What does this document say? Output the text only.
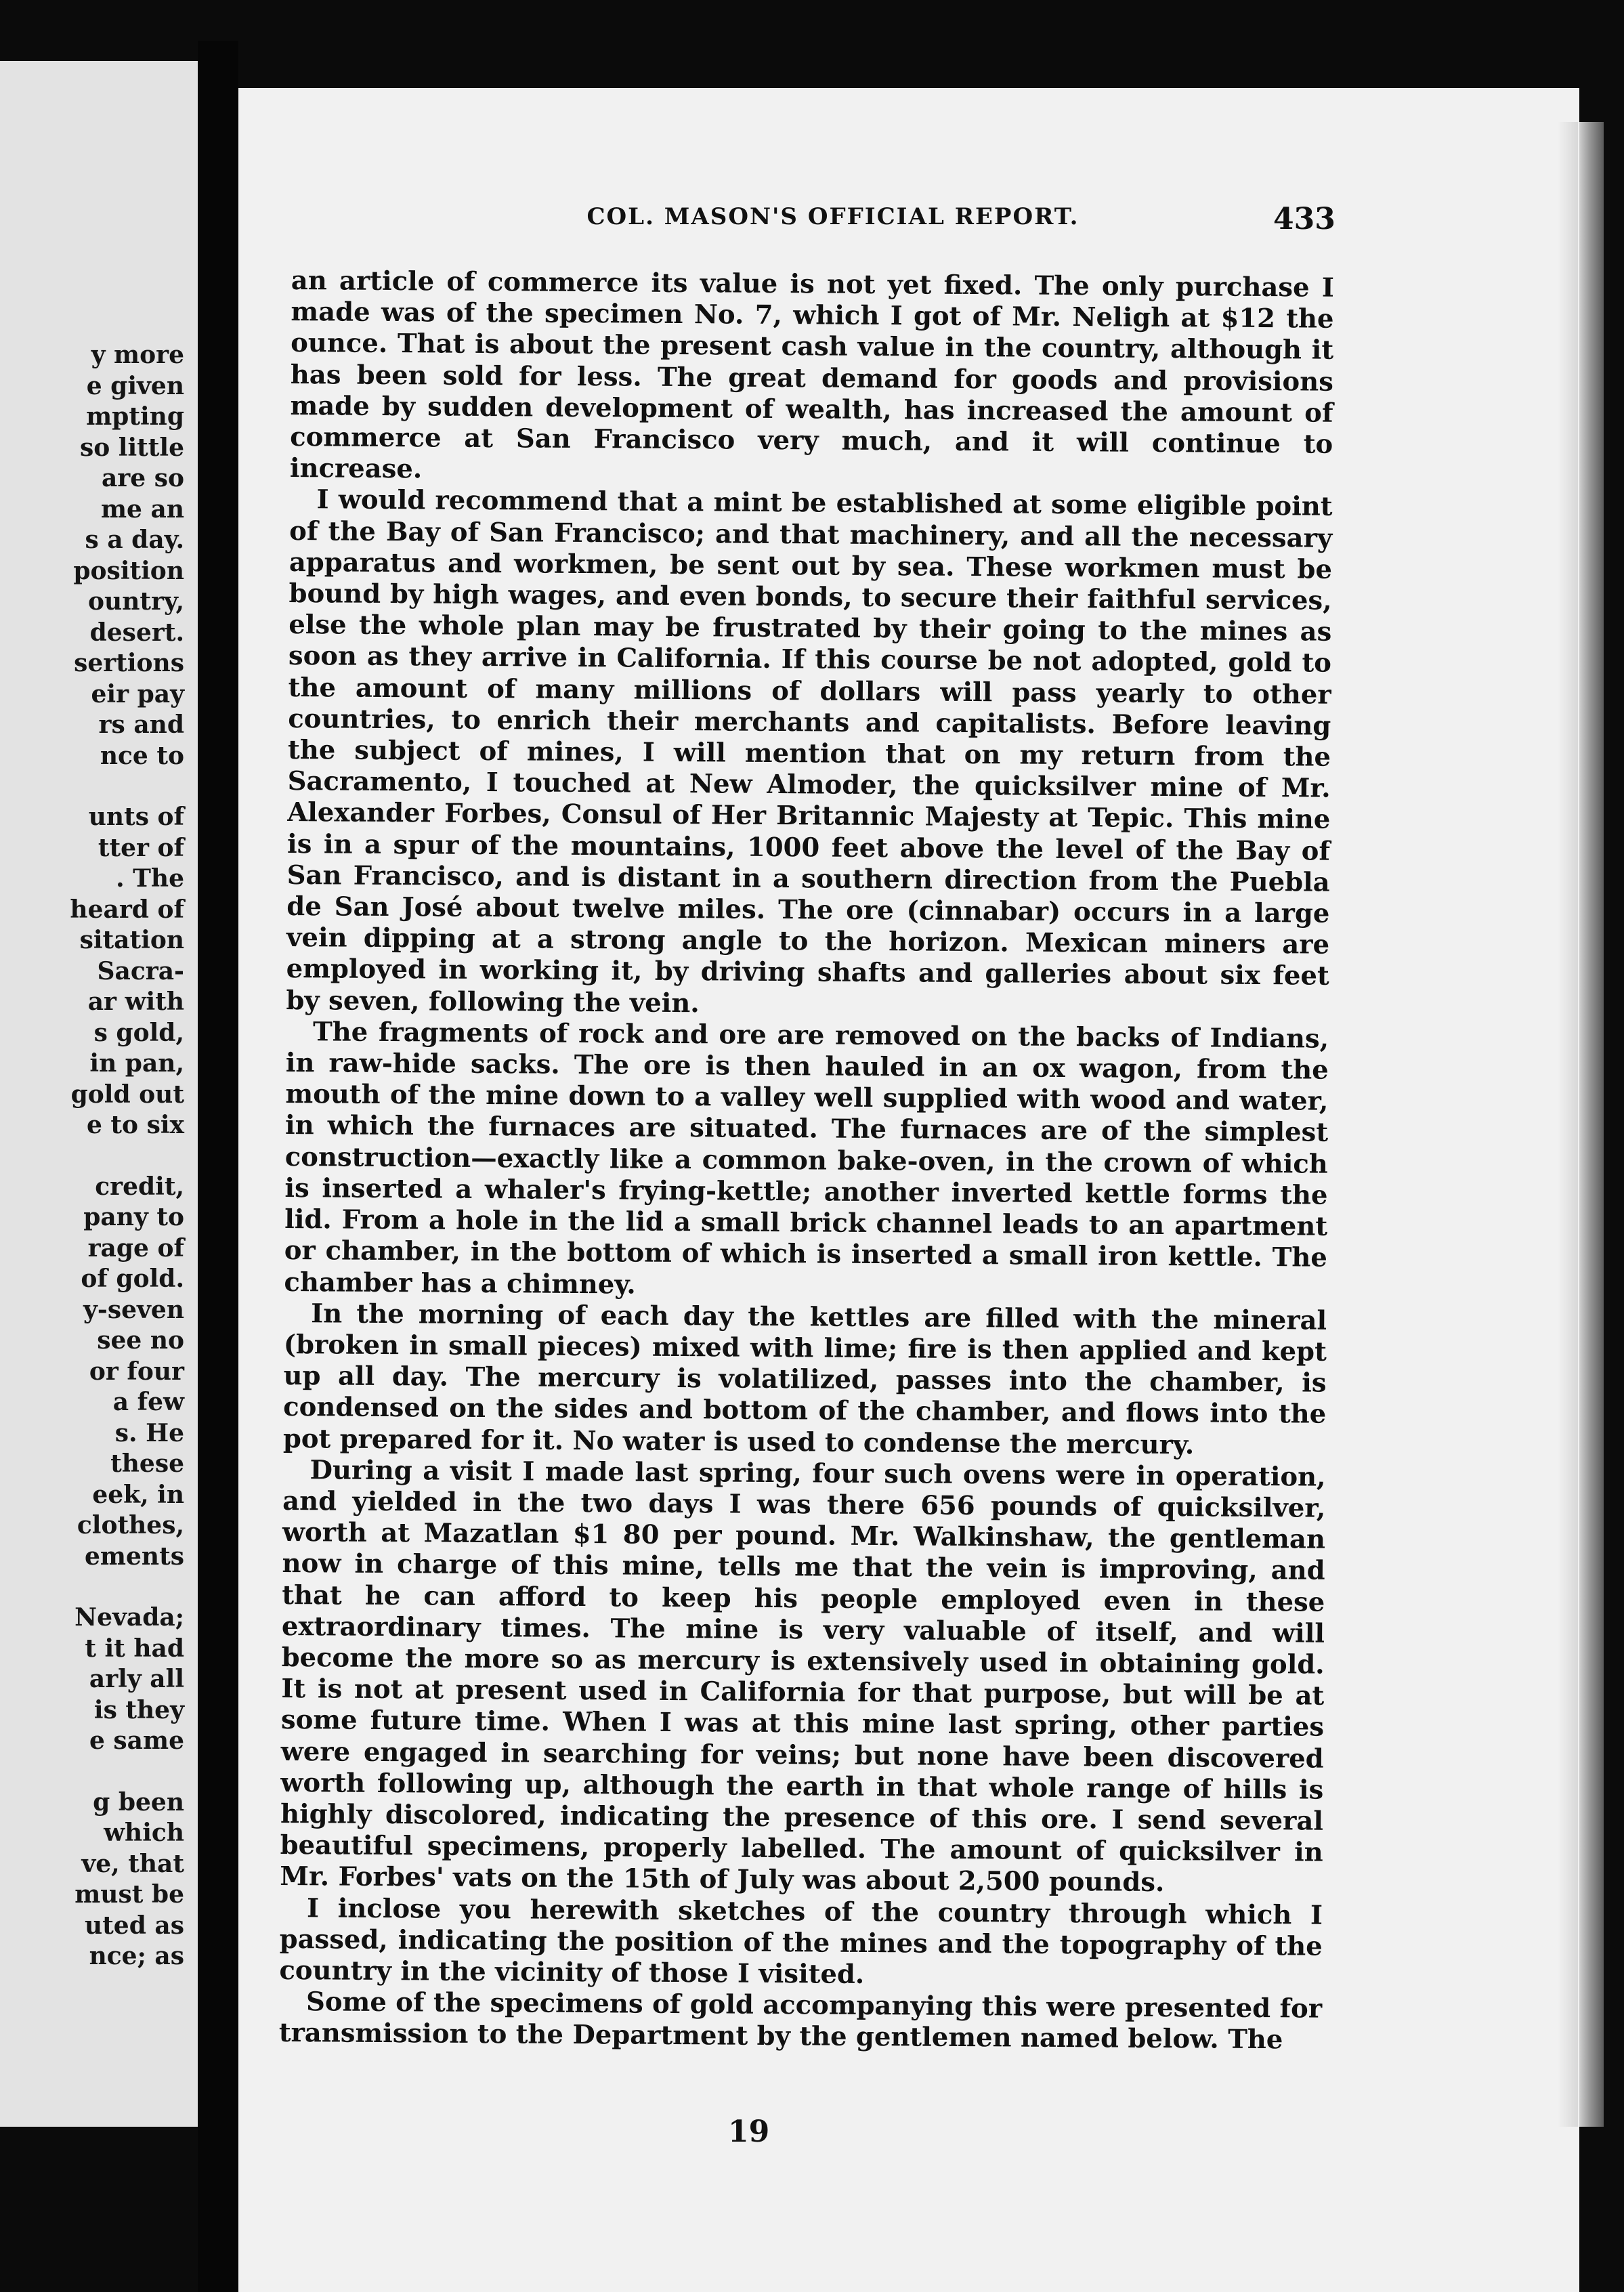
y more
e given
mpting
so little
are so
me an
s a day.
position
ountry,
desert.
sertions
eir pay
rs and
nce to
unts of
tter of
. The
heard of
sitation
Sacra-
ar with
s gold,
in pan,
gold out
e to six
credit,
pany to
rage of
of gold.
y-seven
see no
or four
a few
s. He
these
eek, in
clothes,
ements
Nevada;
t it had
arly all
is they
e same
g been
which
ve, that
must be
uted as
nce; as
COL. MASON'S OFFICIAL REPORT.	433

an article of commerce its value is not yet fixed. The only purchase I made was of the specimen No. 7, which I got of Mr. Neligh at $12 the ounce. That is about the present cash value in the country, although it has been sold for less. The great demand for goods and provisions made by sudden development of wealth, has increased the amount of commerce at San Francisco very much, and it will continue to increase.

I would recommend that a mint be established at some eligible point of the Bay of San Francisco; and that machinery, and all the necessary apparatus and workmen, be sent out by sea. These workmen must be bound by high wages, and even bonds, to secure their faithful services, else the whole plan may be frustrated by their going to the mines as soon as they arrive in California. If this course be not adopted, gold to the amount of many millions of dollars will pass yearly to other countries, to enrich their merchants and capitalists. Before leaving the subject of mines, I will mention that on my return from the Sacramento, I touched at New Almoder, the quicksilver mine of Mr. Alexander Forbes, Consul of Her Britannic Majesty at Tepic. This mine is in a spur of the mountains, 1000 feet above the level of the Bay of San Francisco, and is distant in a southern direction from the Puebla de San José about twelve miles. The ore (cinnabar) occurs in a large vein dipping at a strong angle to the horizon. Mexican miners are employed in working it, by driving shafts and galleries about six feet by seven, following the vein.

The fragments of rock and ore are removed on the backs of Indians, in raw-hide sacks. The ore is then hauled in an ox wagon, from the mouth of the mine down to a valley well supplied with wood and water, in which the furnaces are situated. The furnaces are of the simplest construction—exactly like a common bake-oven, in the crown of which is inserted a whaler's frying-kettle; another inverted kettle forms the lid. From a hole in the lid a small brick channel leads to an apartment or chamber, in the bottom of which is inserted a small iron kettle. The chamber has a chimney.

In the morning of each day the kettles are filled with the mineral (broken in small pieces) mixed with lime; fire is then applied and kept up all day. The mercury is volatilized, passes into the chamber, is condensed on the sides and bottom of the chamber, and flows into the pot prepared for it. No water is used to condense the mercury.

During a visit I made last spring, four such ovens were in operation, and yielded in the two days I was there 656 pounds of quicksilver, worth at Mazatlan $1 80 per pound. Mr. Walkinshaw, the gentleman now in charge of this mine, tells me that the vein is improving, and that he can afford to keep his people employed even in these extraordinary times. The mine is very valuable of itself, and will become the more so as mercury is extensively used in obtaining gold. It is not at present used in California for that purpose, but will be at some future time. When I was at this mine last spring, other parties were engaged in searching for veins; but none have been discovered worth following up, although the earth in that whole range of hills is highly discolored, indicating the presence of this ore. I send several beautiful specimens, properly labelled. The amount of quicksilver in Mr. Forbes' vats on the 15th of July was about 2,500 pounds.

I inclose you herewith sketches of the country through which I passed, indicating the position of the mines and the topography of the country in the vicinity of those I visited.

Some of the specimens of gold accompanying this were presented for transmission to the Department by the gentlemen named below. The

19
